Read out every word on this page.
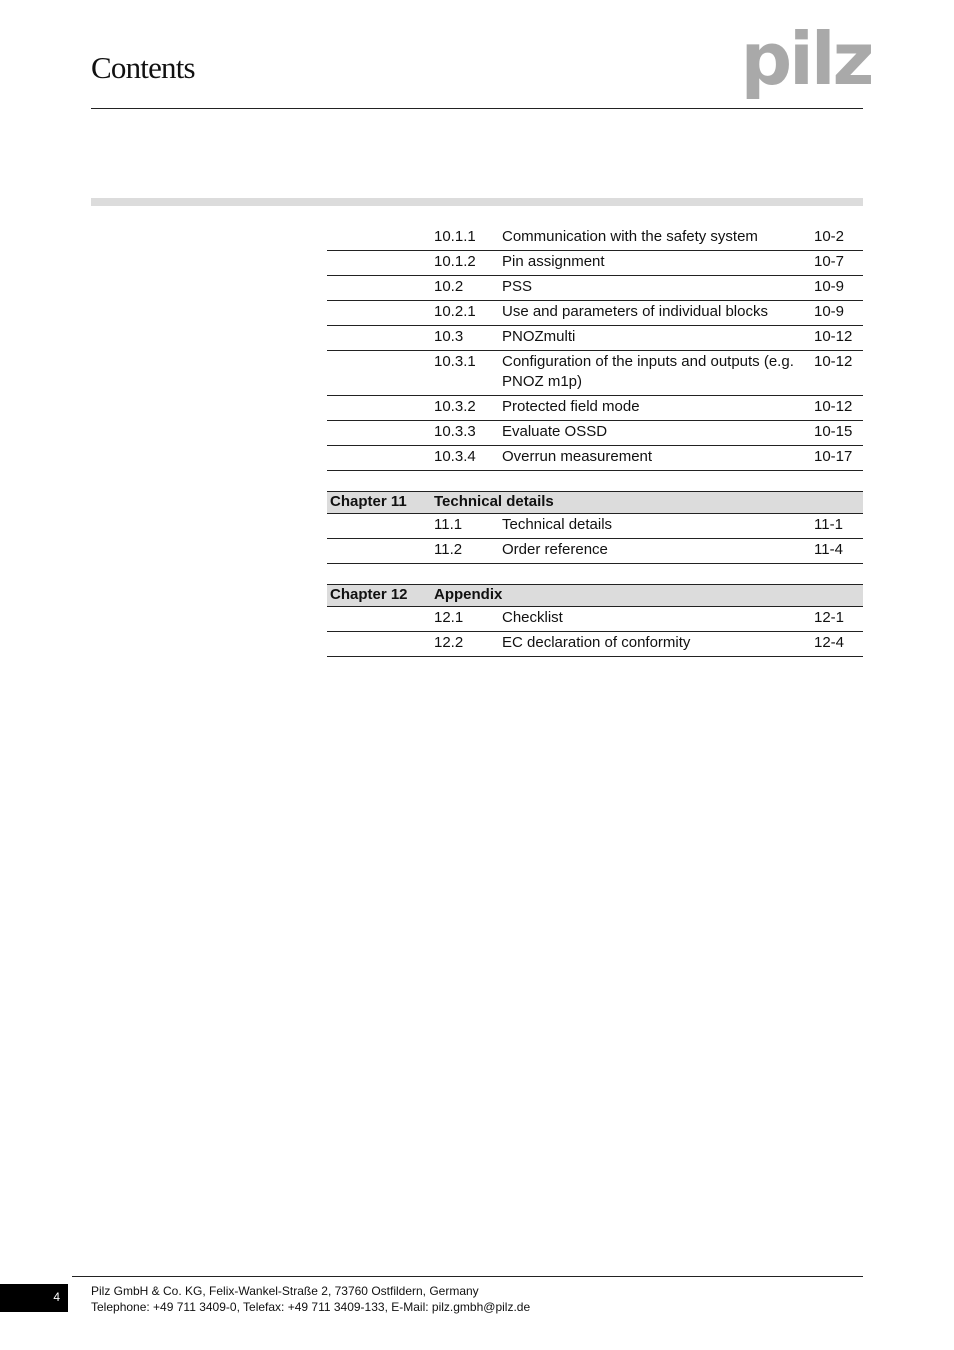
Contents	pilz
	10.1.1	Communication with the safety system	10-2
	10.1.2	Pin assignment	10-7
	10.2	PSS	10-9
	10.2.1	Use and parameters of individual blocks	10-9
	10.3	PNOZmulti	10-12
	10.3.1	Configuration of the inputs and outputs (e.g. PNOZ m1p)	10-12
	10.3.2	Protected field mode	10-12
	10.3.3	Evaluate OSSD	10-15
	10.3.4	Overrun measurement	10-17

Chapter 11	Technical details		
	11.1	Technical details	11-1
	11.2	Order reference	11-4

Chapter 12	Appendix		
	12.1	Checklist	12-1
	12.2	EC declaration of conformity	12-4
4	Pilz GmbH & Co. KG, Felix-Wankel-Straße 2, 73760 Ostfildern, Germany
Telephone: +49 711 3409-0, Telefax: +49 711 3409-133, E-Mail: pilz.gmbh@pilz.de
